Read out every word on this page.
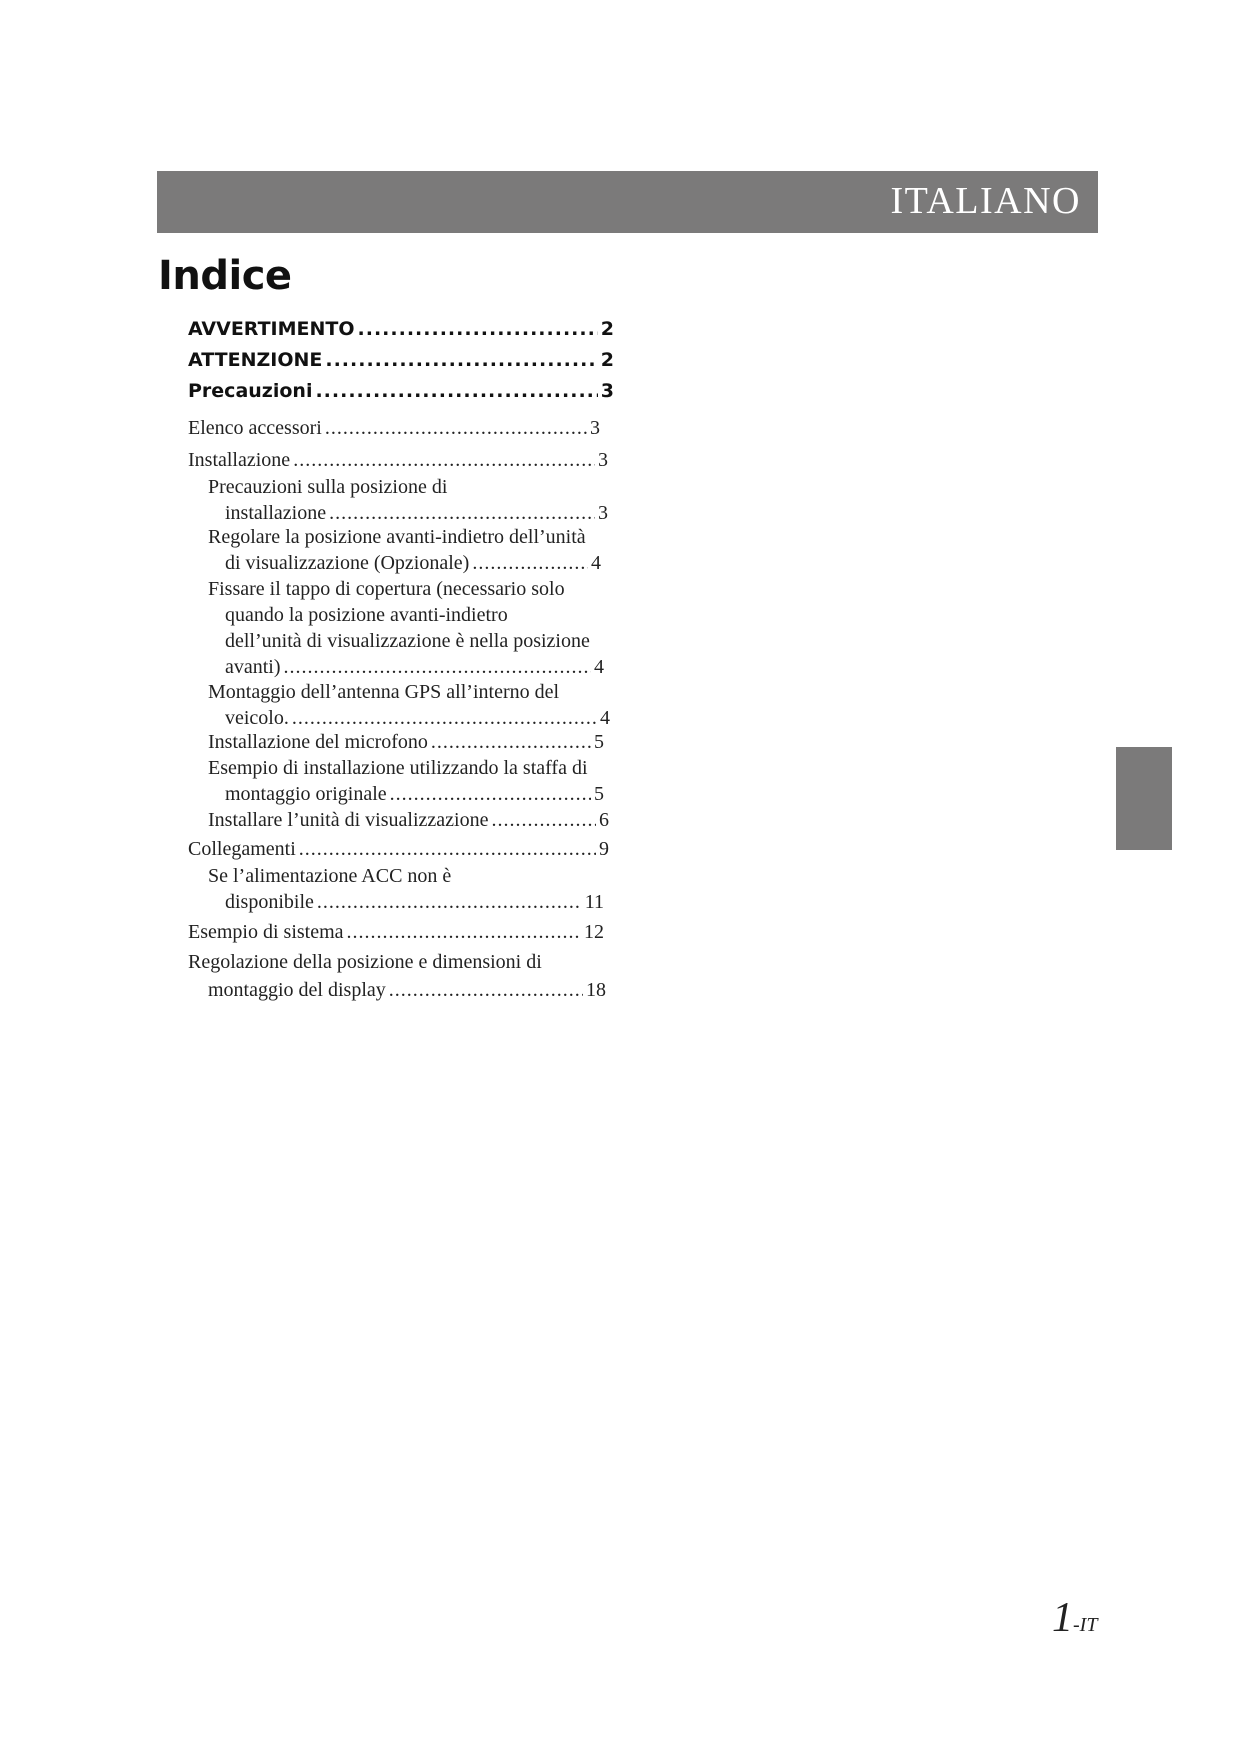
ITALIANO
Indice
AVVERTIMENTO .....	2
ATTENZIONE .....	2
Precauzioni .....	3
Elenco accessori .....	3
Installazione .....	3
Precauzioni sulla posizione di
installazione .....	3
Regolare la posizione avanti-indietro dell’unità
di visualizzazione (Opzionale) .....	4
Fissare il tappo di copertura (necessario solo
quando la posizione avanti-indietro
dell’unità di visualizzazione è nella posizione
avanti) .....	4
Montaggio dell’antenna GPS all’interno del
veicolo. .....	4
Installazione del microfono .....	5
Esempio di installazione utilizzando la staffa di
montaggio originale .....	5
Installare l’unità di visualizzazione .....	6
Collegamenti .....	9
Se l’alimentazione ACC non è
disponibile .....	11
Esempio di sistema .....	12
Regolazione della posizione e dimensioni di
montaggio del display .....	18
1-IT
